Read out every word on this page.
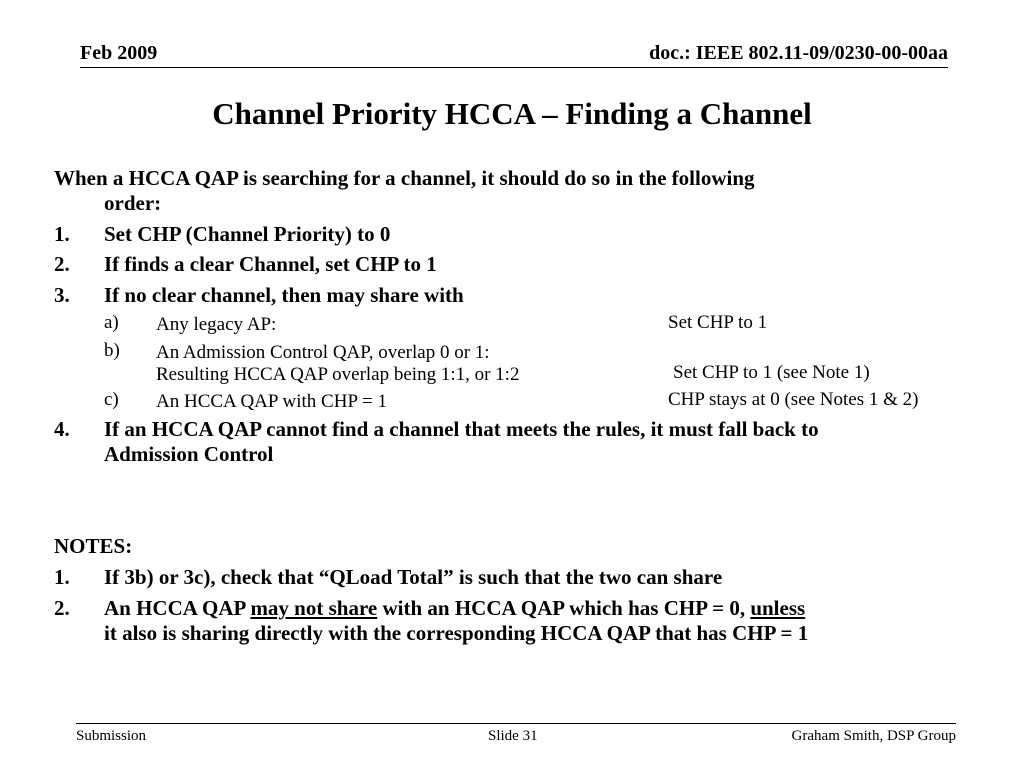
Feb 2009	doc.: IEEE 802.11-09/0230-00-00aa
Channel Priority HCCA – Finding a Channel
When a HCCA QAP is searching for a channel, it should do so in the following
order:
1. Set CHP (Channel Priority) to 0
2. If finds a clear Channel, set CHP to 1
3. If no clear channel, then may share with
a) Any legacy AP:	Set CHP to 1
b) An Admission Control QAP, overlap 0 or 1:
Resulting HCCA QAP overlap being 1:1, or 1:2	Set CHP to 1 (see Note 1)
c) An HCCA QAP with CHP = 1	CHP stays at 0 (see Notes 1 & 2)
4. If an HCCA QAP cannot find a channel that meets the rules, it must fall back to
Admission Control
NOTES:
1. If 3b) or 3c), check that “QLoad Total” is such that the two can share
2. An HCCA QAP may not share with an HCCA QAP which has CHP = 0, unless
it also is sharing directly with the corresponding HCCA QAP that has CHP = 1
Submission	Slide 31	Graham Smith, DSP Group
